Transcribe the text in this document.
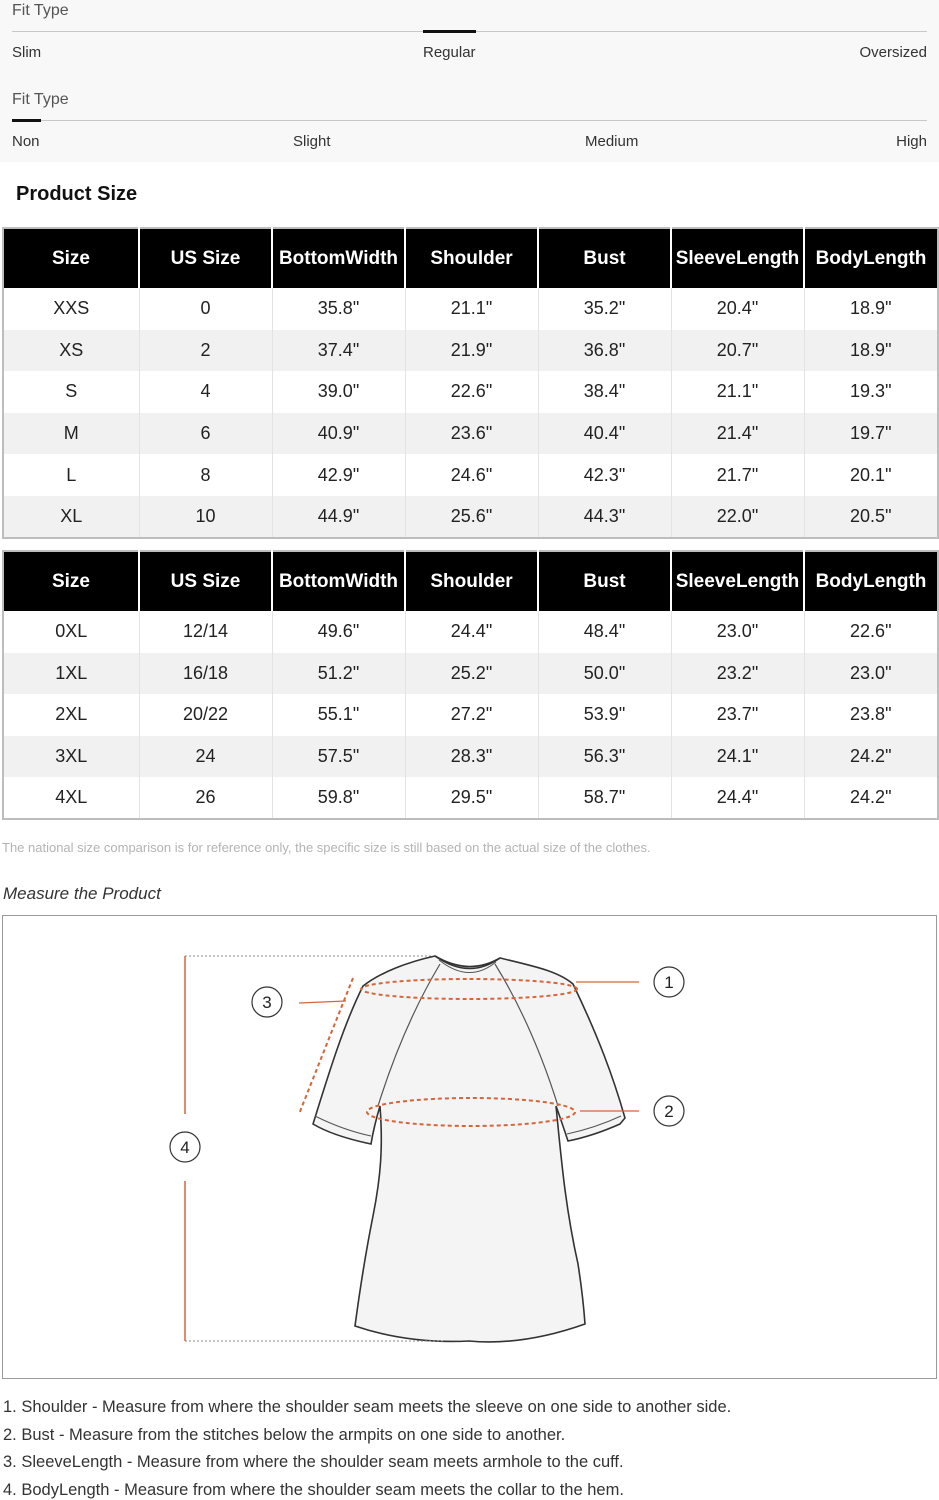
Fit Type
Slim	Regular	Oversized
Fit Type
Non	Slight	Medium	High
Product Size
Size	US Size	BottomWidth	Shoulder	Bust	SleeveLength	BodyLength
XXS	0	35.8"	21.1"	35.2"	20.4"	18.9"
XS	2	37.4"	21.9"	36.8"	20.7"	18.9"
S	4	39.0"	22.6"	38.4"	21.1"	19.3"
M	6	40.9"	23.6"	40.4"	21.4"	19.7"
L	8	42.9"	24.6"	42.3"	21.7"	20.1"
XL	10	44.9"	25.6"	44.3"	22.0"	20.5"
Size	US Size	BottomWidth	Shoulder	Bust	SleeveLength	BodyLength
0XL	12/14	49.6"	24.4"	48.4"	23.0"	22.6"
1XL	16/18	51.2"	25.2"	50.0"	23.2"	23.0"
2XL	20/22	55.1"	27.2"	53.9"	23.7"	23.8"
3XL	24	57.5"	28.3"	56.3"	24.1"	24.2"
4XL	26	59.8"	29.5"	58.7"	24.4"	24.2"
The national size comparison is for reference only, the specific size is still based on the actual size of the clothes.
Measure the Product
1
2
3
4
1. Shoulder - Measure from where the shoulder seam meets the sleeve on one side to another side.
2. Bust - Measure from the stitches below the armpits on one side to another.
3. SleeveLength - Measure from where the shoulder seam meets armhole to the cuff.
4. BodyLength - Measure from where the shoulder seam meets the collar to the hem.
